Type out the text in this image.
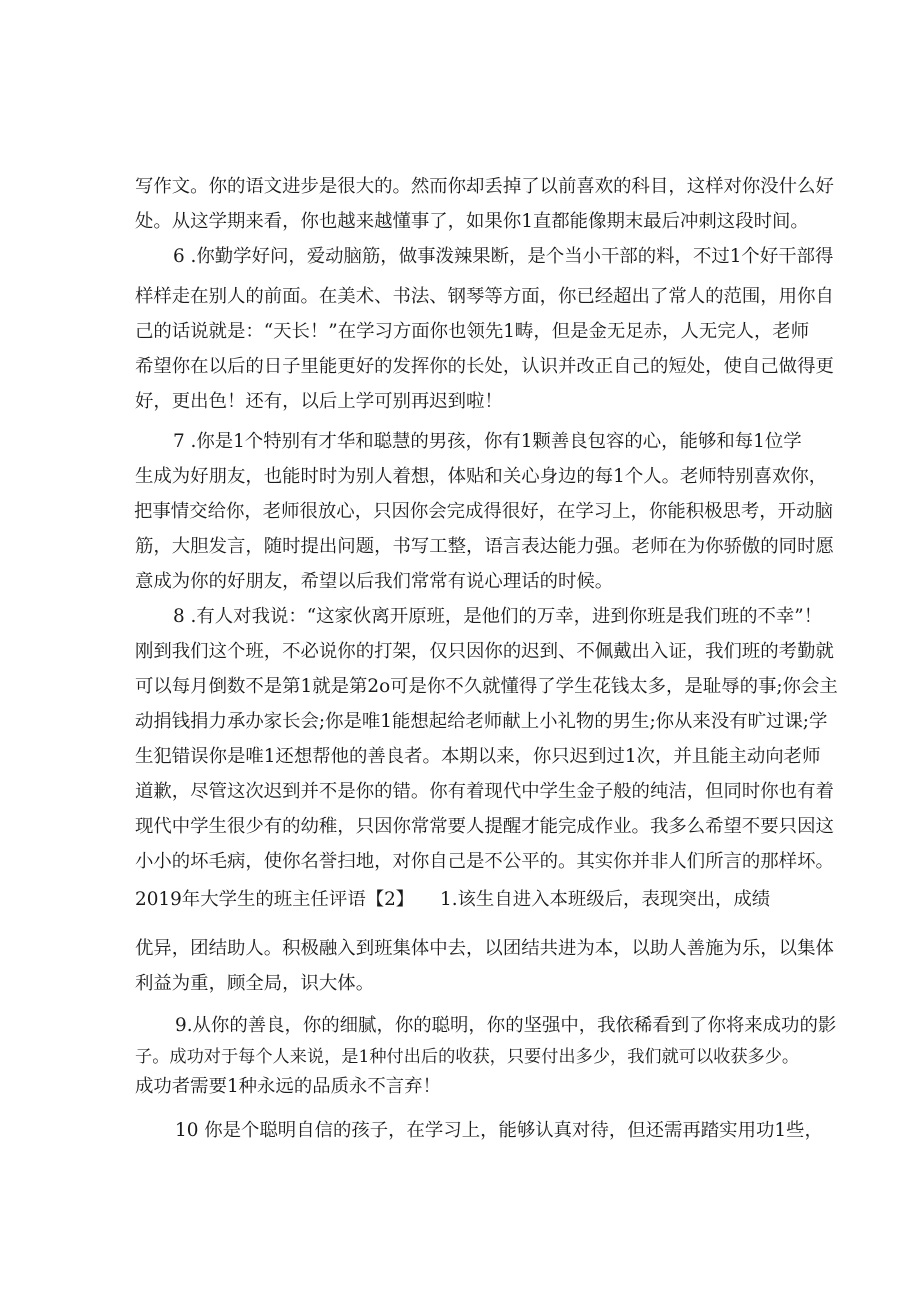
写作文。你的语文进步是很大的。然而你却丢掉了以前喜欢的科目，这样对你没什么好
处。从这学期来看，你也越来越懂事了，如果你1直都能像期末最后冲刺这段时间。
6 .你勤学好问，爱动脑筋，做事泼辣果断，是个当小干部的料，不过1个好干部得
样样走在别人的前面。在美术、书法、钢琴等方面，你已经超出了常人的范围，用你自
己的话说就是：“天长！”在学习方面你也领先1畴，但是金无足赤，人无完人，老师
希望你在以后的日子里能更好的发挥你的长处，认识并改正自己的短处，使自己做得更
好，更出色！还有，以后上学可别再迟到啦！
7 .你是1个特别有才华和聪慧的男孩，你有1颗善良包容的心，能够和每1位学
生成为好朋友，也能时时为别人着想，体贴和关心身边的每1个人。老师特别喜欢你，
把事情交给你，老师很放心，只因你会完成得很好，在学习上，你能积极思考，开动脑
筋，大胆发言，随时提出问题，书写工整，语言表达能力强。老师在为你骄傲的同时愿
意成为你的好朋友，希望以后我们常常有说心理话的时候。
8 .有人对我说：“这家伙离开原班，是他们的万幸，进到你班是我们班的不幸”！
刚到我们这个班，不必说你的打架，仅只因你的迟到、不佩戴出入证，我们班的考勤就
可以每月倒数不是第1就是第2o可是你不久就懂得了学生花钱太多，是耻辱的事;你会主
动捐钱捐力承办家长会;你是唯1能想起给老师献上小礼物的男生;你从来没有旷过课;学
生犯错误你是唯1还想帮他的善良者。本期以来，你只迟到过1次，并且能主动向老师
道歉，尽管这次迟到并不是你的错。你有着现代中学生金子般的纯洁，但同时你也有着
现代中学生很少有的幼稚，只因你常常要人提醒才能完成作业。我多么希望不要只因这
小小的坏毛病，使你名誉扫地，对你自己是不公平的。其实你并非人们所言的那样坏。
2019年大学生的班主任评语【2】 1.该生自进入本班级后，表现突出，成绩
优异，团结助人。积极融入到班集体中去，以团结共进为本，以助人善施为乐，以集体
利益为重，顾全局，识大体。
9.从你的善良，你的细腻，你的聪明，你的坚强中，我依稀看到了你将来成功的影
子。成功对于每个人来说，是1种付出后的收获，只要付出多少，我们就可以收获多少。
成功者需要1种永远的品质永不言弃！
10 你是个聪明自信的孩子，在学习上，能够认真对待，但还需再踏实用功1些，
